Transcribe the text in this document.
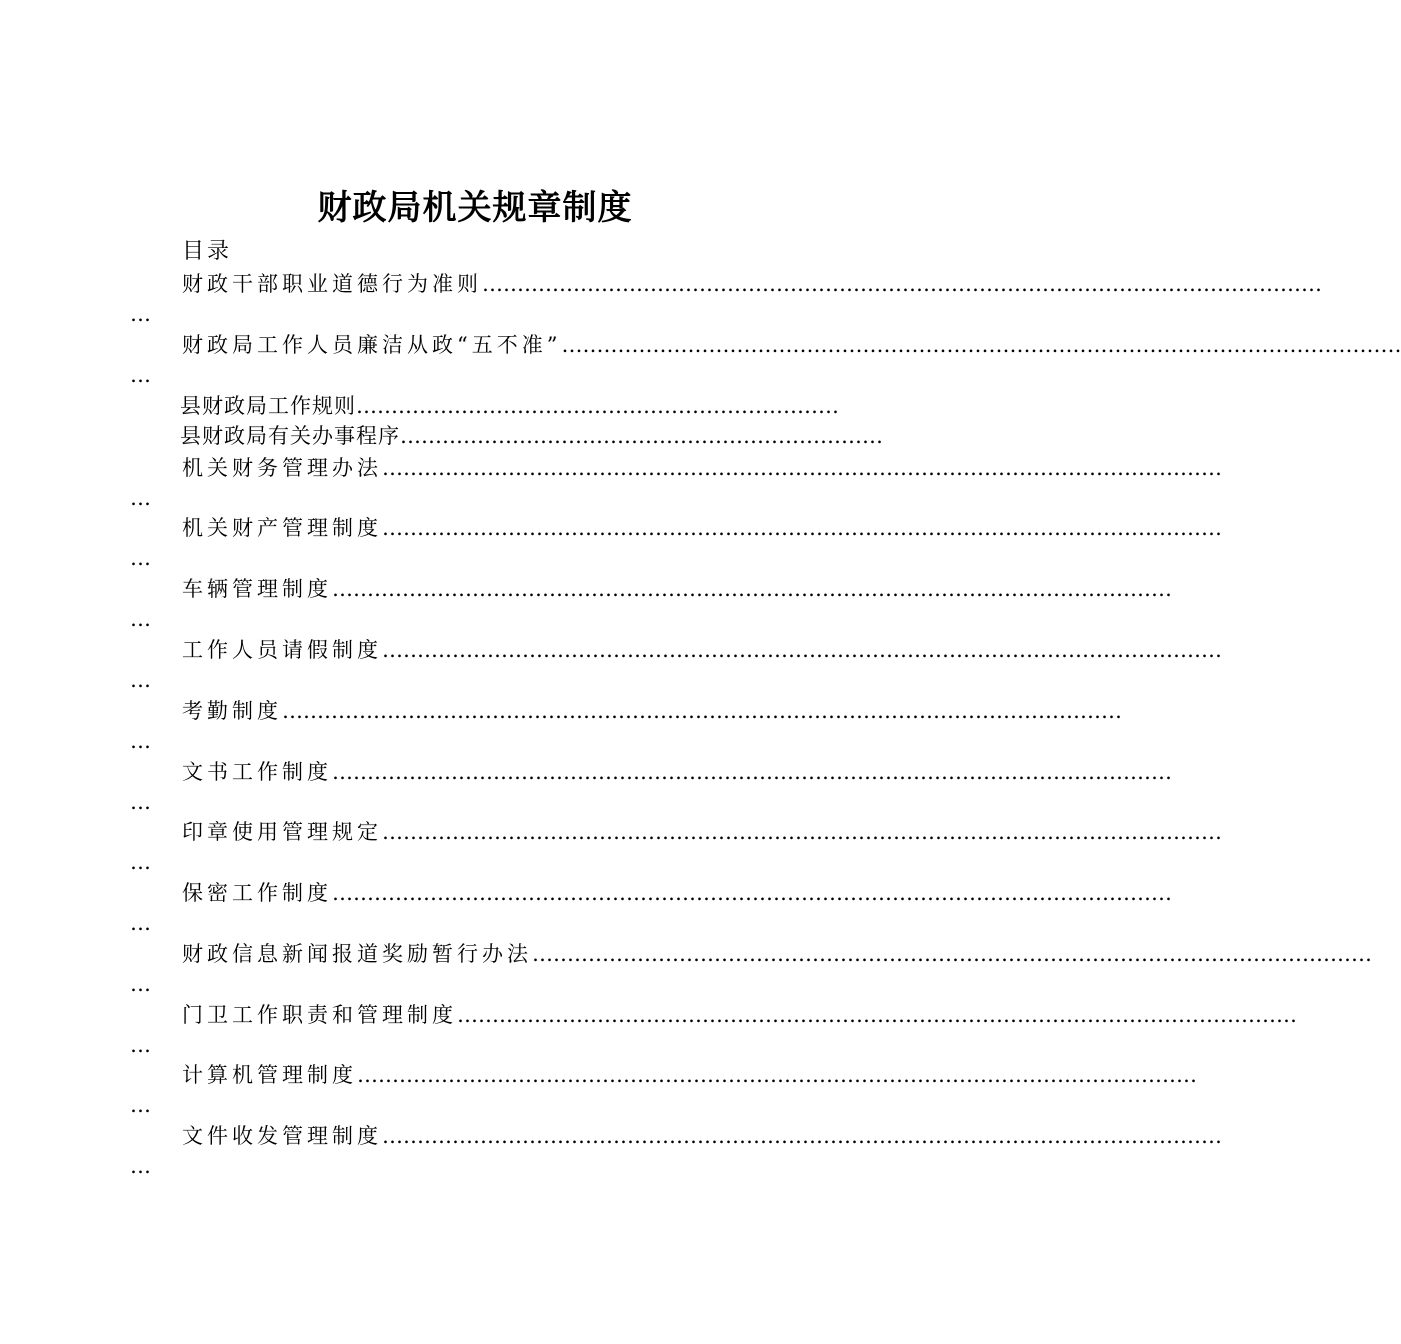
财政局机关规章制度
目录
财政干部职业道德行为准则…………………………………………………………………………………………………………
…
财政局工作人员廉洁从政“五不准”…………………………………………………………………………………………………………
…
县财政局工作规则……………………………………………………………
县财政局有关办事程序……………………………………………………………
机关财务管理办法…………………………………………………………………………………………………………
…
机关财产管理制度…………………………………………………………………………………………………………
…
车辆管理制度…………………………………………………………………………………………………………
…
工作人员请假制度…………………………………………………………………………………………………………
…
考勤制度…………………………………………………………………………………………………………
…
文书工作制度…………………………………………………………………………………………………………
…
印章使用管理规定…………………………………………………………………………………………………………
…
保密工作制度…………………………………………………………………………………………………………
…
财政信息新闻报道奖励暂行办法…………………………………………………………………………………………………………
…
门卫工作职责和管理制度…………………………………………………………………………………………………………
…
计算机管理制度…………………………………………………………………………………………………………
…
文件收发管理制度…………………………………………………………………………………………………………
…
